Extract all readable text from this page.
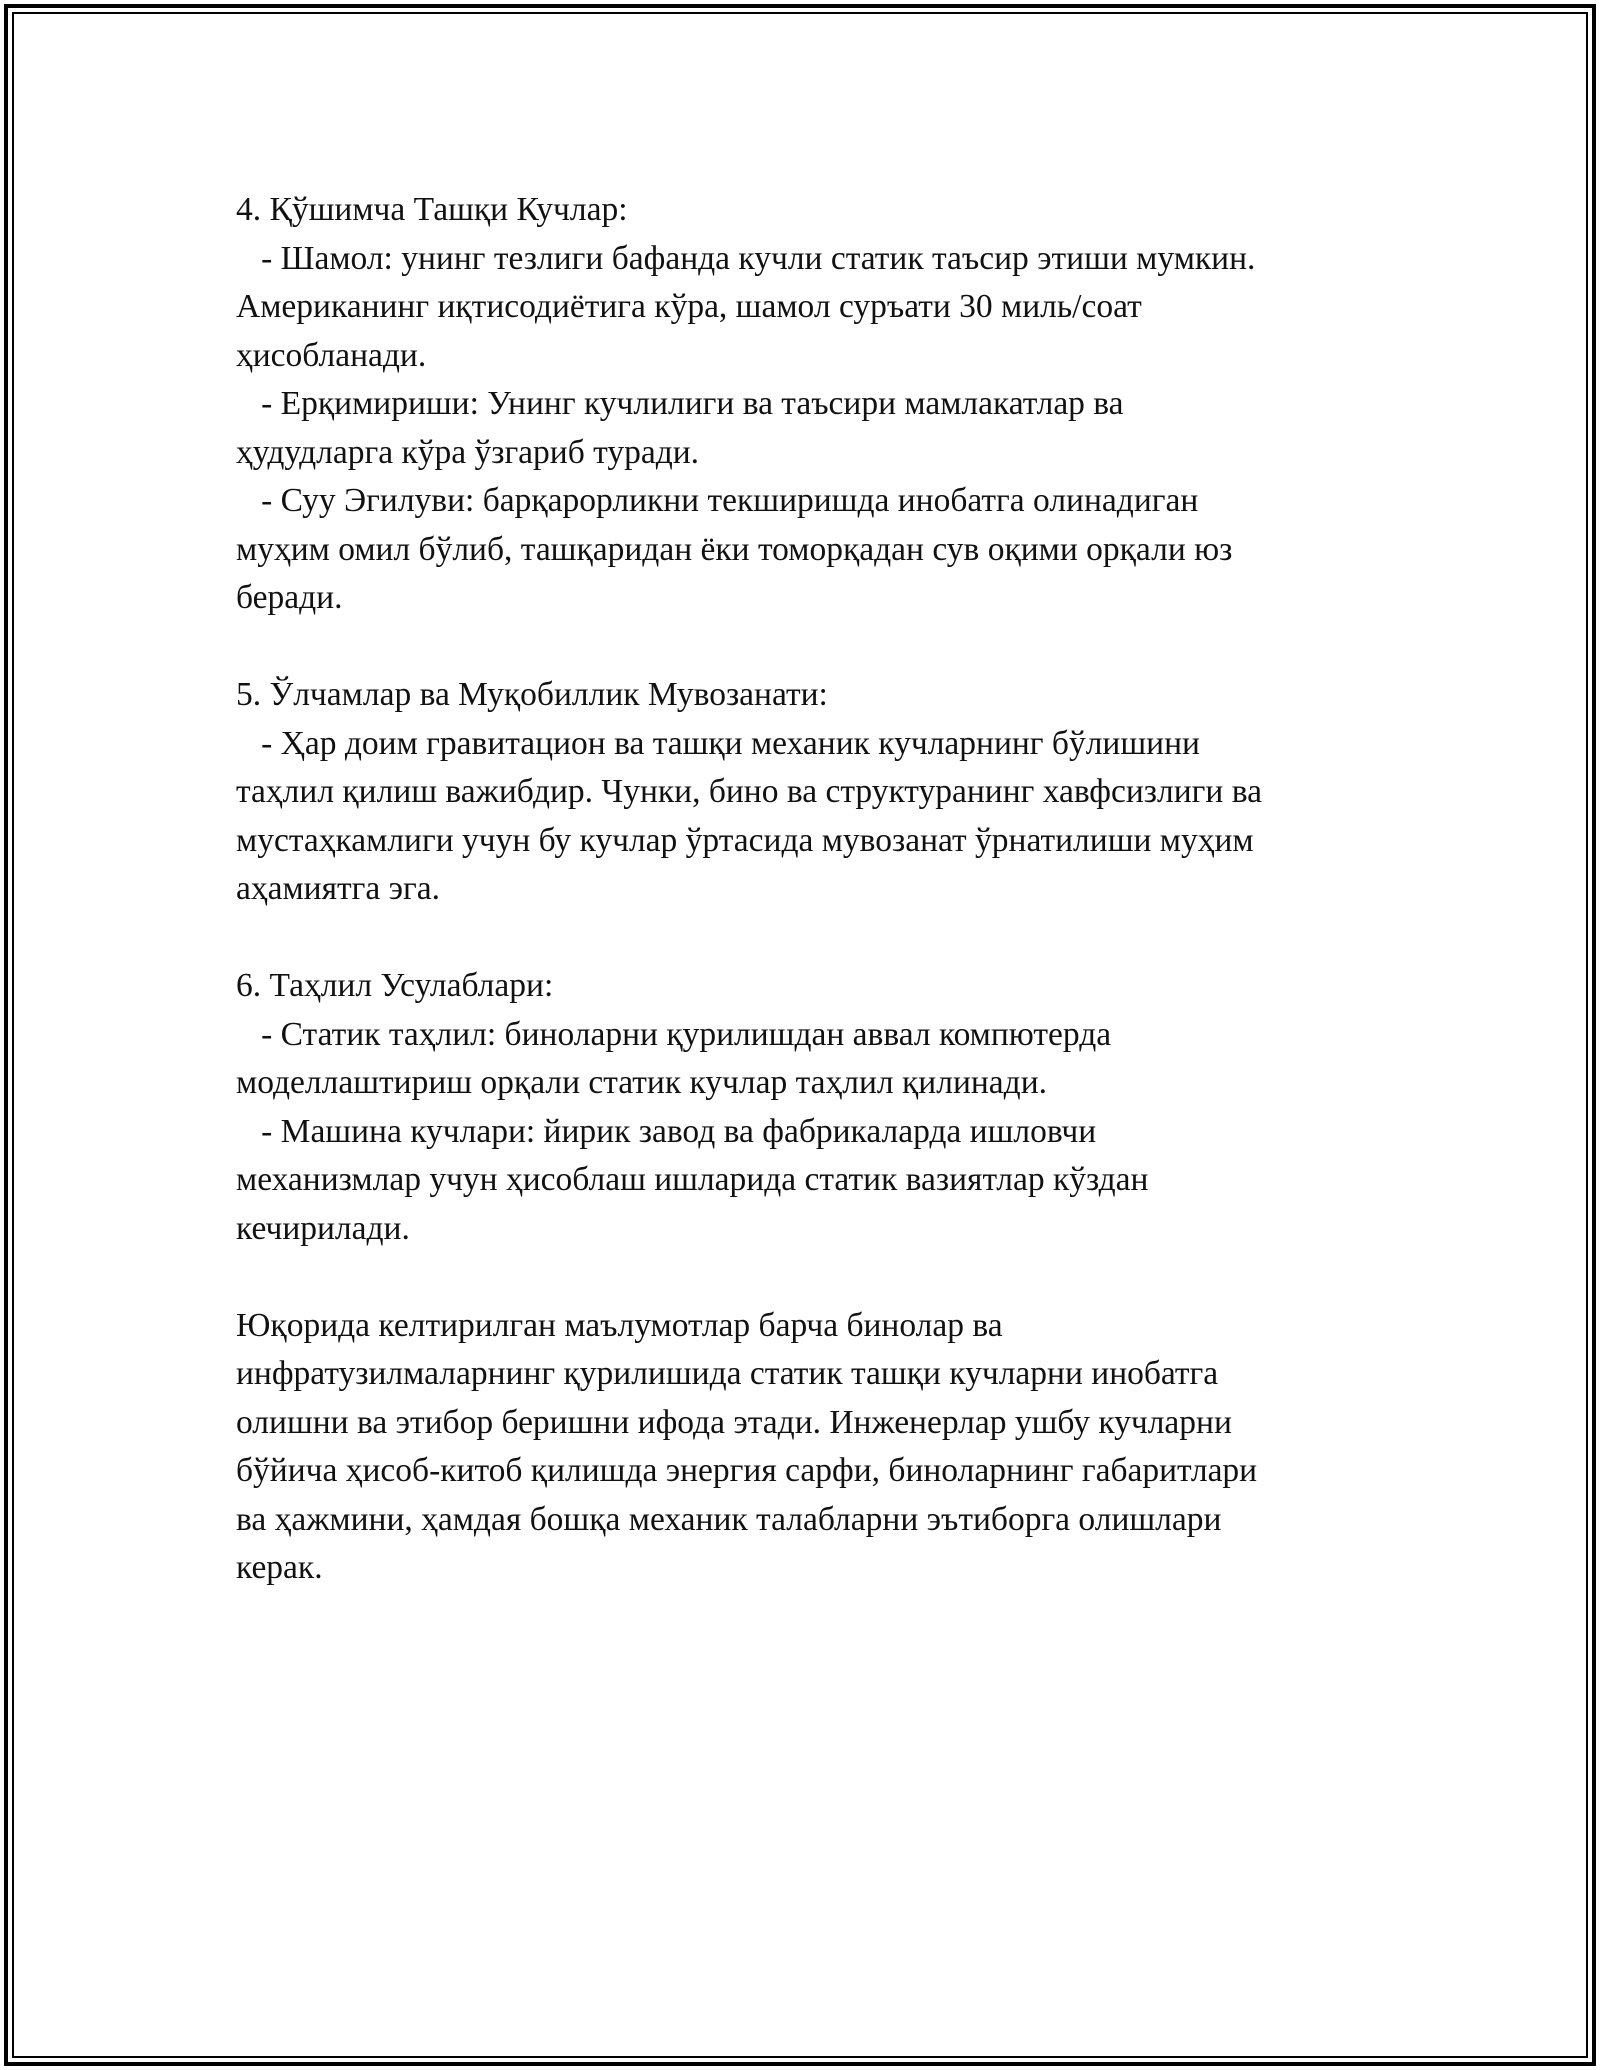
4. Қўшимча Ташқи Кучлар:
- Шамол: унинг тезлиги бафанда кучли статик таъсир этиши мумкин.
Американинг иқтисодиётига кўра, шамол суръати 30 миль/соат
ҳисобланади.
- Ерқимириши: Унинг кучлилиги ва таъсири мамлакатлар ва
ҳудудларга кўра ўзгариб туради.
- Суу Эгилуви: барқарорликни текширишда инобатга олинадиган
муҳим омил бўлиб, ташқаридан ёки томорқадан сув оқими орқали юз
беради.
5. Ўлчамлар ва Муқобиллик Мувозанати:
- Ҳар доим гравитацион ва ташқи механик кучларнинг бўлишини
таҳлил қилиш важибдир. Чунки, бино ва структуранинг хавфсизлиги ва
мустаҳкамлиги учун бу кучлар ўртасида мувозанат ўрнатилиши муҳим
аҳамиятга эга.
6. Таҳлил Усулаблари:
- Статик таҳлил: биноларни қурилишдан аввал компютерда
моделлаштириш орқали статик кучлар таҳлил қилинади.
- Машина кучлари: йирик завод ва фабрикаларда ишловчи
механизмлар учун ҳисоблаш ишларида статик вазиятлар кўздан
кечирилади.
Юқорида келтирилган маълумотлар барча бинолар ва
инфратузилмаларнинг қурилишида статик ташқи кучларни инобатга
олишни ва этибор беришни ифода этади. Инженерлар ушбу кучларни
бўйича ҳисоб-китоб қилишда энергия сарфи, биноларнинг габаритлари
ва ҳажмини, ҳамдая бошқа механик талабларни эътиборга олишлари
керак.
